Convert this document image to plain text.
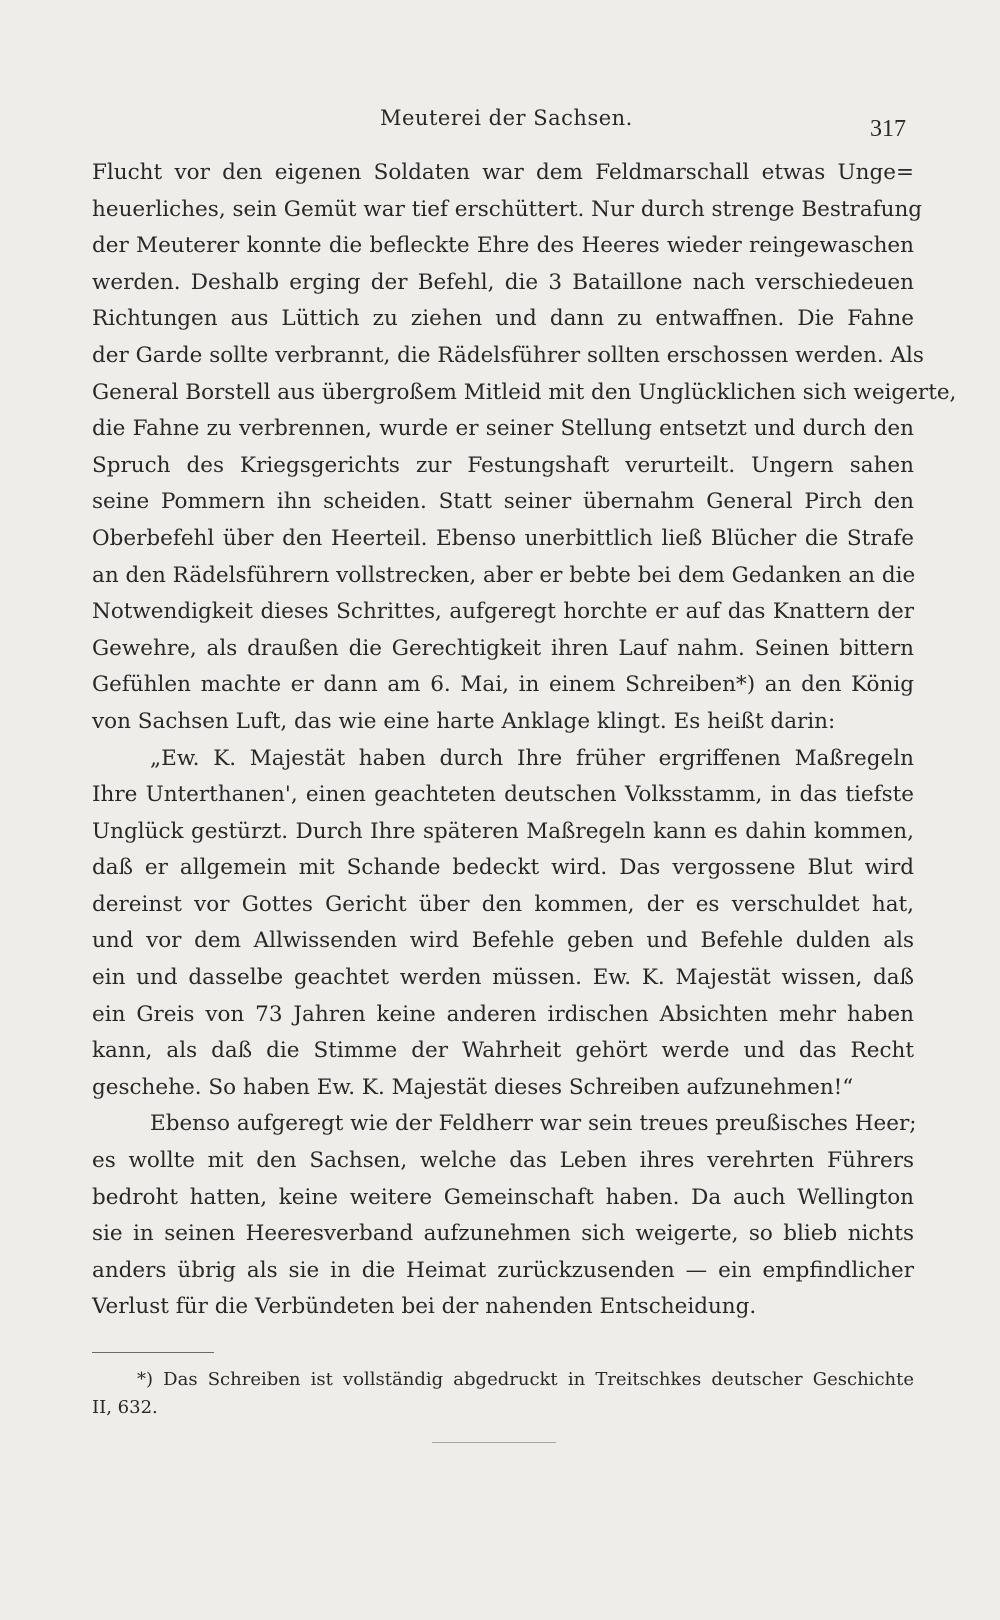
Meuterei der Sachsen.	317
Flucht vor den eigenen Soldaten war dem Feldmarschall etwas Unge=
heuerliches, sein Gemüt war tief erschüttert. Nur durch strenge Bestrafung
der Meuterer konnte die befleckte Ehre des Heeres wieder reingewaschen
werden. Deshalb erging der Befehl, die 3 Bataillone nach verschiedeuen
Richtungen aus Lüttich zu ziehen und dann zu entwaffnen. Die Fahne
der Garde sollte verbrannt, die Rädelsführer sollten erschossen werden. Als
General Borstell aus übergroßem Mitleid mit den Unglücklichen sich weigerte,
die Fahne zu verbrennen, wurde er seiner Stellung entsetzt und durch den
Spruch des Kriegsgerichts zur Festungshaft verurteilt. Ungern sahen
seine Pommern ihn scheiden. Statt seiner übernahm General Pirch den
Oberbefehl über den Heerteil. Ebenso unerbittlich ließ Blücher die Strafe
an den Rädelsführern vollstrecken, aber er bebte bei dem Gedanken an die
Notwendigkeit dieses Schrittes, aufgeregt horchte er auf das Knattern der
Gewehre, als draußen die Gerechtigkeit ihren Lauf nahm. Seinen bittern
Gefühlen machte er dann am 6. Mai, in einem Schreiben*) an den König
von Sachsen Luft, das wie eine harte Anklage klingt. Es heißt darin:
„Ew. K. Majestät haben durch Ihre früher ergriffenen Maßregeln
Ihre Unterthanen', einen geachteten deutschen Volksstamm, in das tiefste
Unglück gestürzt. Durch Ihre späteren Maßregeln kann es dahin kommen,
daß er allgemein mit Schande bedeckt wird. Das vergossene Blut wird
dereinst vor Gottes Gericht über den kommen, der es verschuldet hat,
und vor dem Allwissenden wird Befehle geben und Befehle dulden als
ein und dasselbe geachtet werden müssen. Ew. K. Majestät wissen, daß
ein Greis von 73 Jahren keine anderen irdischen Absichten mehr haben
kann, als daß die Stimme der Wahrheit gehört werde und das Recht
geschehe. So haben Ew. K. Majestät dieses Schreiben aufzunehmen!“
Ebenso aufgeregt wie der Feldherr war sein treues preußisches Heer;
es wollte mit den Sachsen, welche das Leben ihres verehrten Führers
bedroht hatten, keine weitere Gemeinschaft haben. Da auch Wellington
sie in seinen Heeresverband aufzunehmen sich weigerte, so blieb nichts
anders übrig als sie in die Heimat zurückzusenden — ein empfindlicher
Verlust für die Verbündeten bei der nahenden Entscheidung.
*) Das Schreiben ist vollständig abgedruckt in Treitschkes deutscher Geschichte
II, 632.
